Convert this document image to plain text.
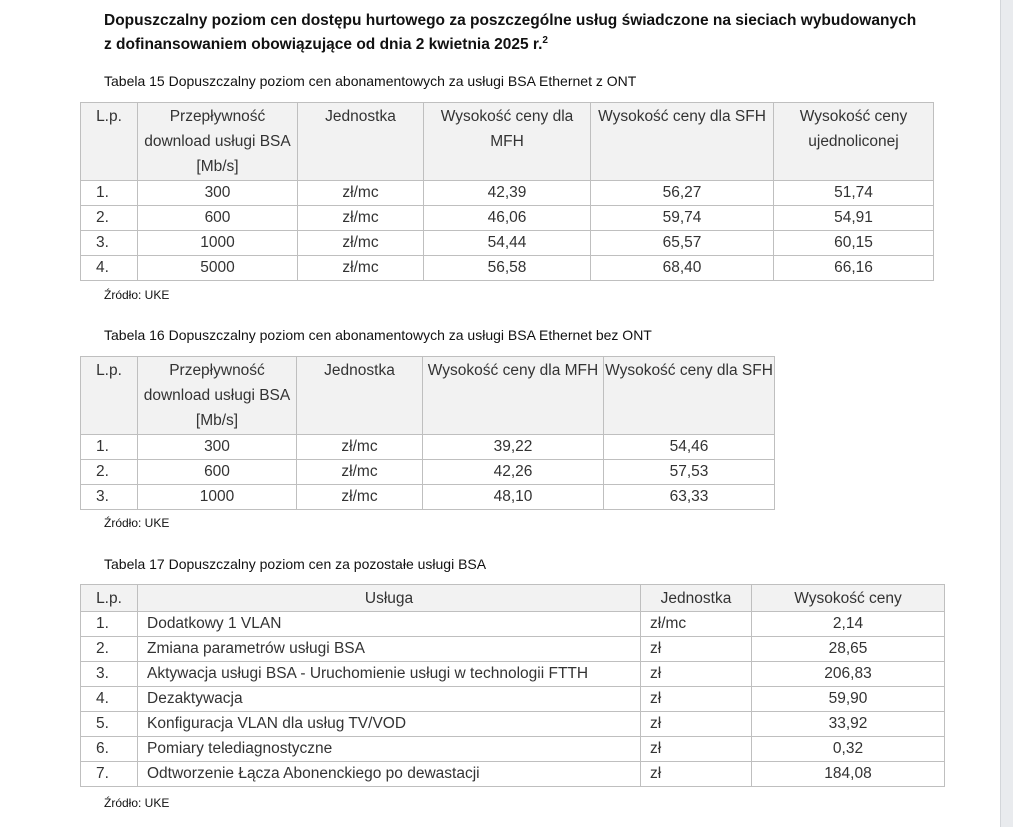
Dopuszczalny poziom cen dostępu hurtowego za poszczególne usług świadczone na sieciach wybudowanych z dofinansowaniem obowiązujące od dnia 2 kwietnia 2025 r.$^2$
Tabela 15 Dopuszczalny poziom cen abonamentowych za usługi BSA Ethernet z ONT
L.p.	Przepływność download usługi BSA [Mb/s]	Jednostka	Wysokość ceny dla MFH	Wysokość ceny dla SFH	Wysokość ceny ujednoliconej
1.	300	zł/mc	42,39	56,27	51,74
2.	600	zł/mc	46,06	59,74	54,91
3.	1000	zł/mc	54,44	65,57	60,15
4.	5000	zł/mc	56,58	68,40	66,16
Źródło: UKE
Tabela 16 Dopuszczalny poziom cen abonamentowych za usługi BSA Ethernet bez ONT
L.p.	Przepływność download usługi BSA [Mb/s]	Jednostka	Wysokość ceny dla MFH	Wysokość ceny dla SFH
1.	300	zł/mc	39,22	54,46
2.	600	zł/mc	42,26	57,53
3.	1000	zł/mc	48,10	63,33
Źródło: UKE
Tabela 17 Dopuszczalny poziom cen za pozostałe usługi BSA
L.p.	Usługa	Jednostka	Wysokość ceny
1.	Dodatkowy 1 VLAN	zł/mc	2,14
2.	Zmiana parametrów usługi BSA	zł	28,65
3.	Aktywacja usługi BSA - Uruchomienie usługi w technologii FTTH	zł	206,83
4.	Dezaktywacja	zł	59,90
5.	Konfiguracja VLAN dla usług TV/VOD	zł	33,92
6.	Pomiary telediagnostyczne	zł	0,32
7.	Odtworzenie Łącza Abonenckiego po dewastacji	zł	184,08
Źródło: UKE
